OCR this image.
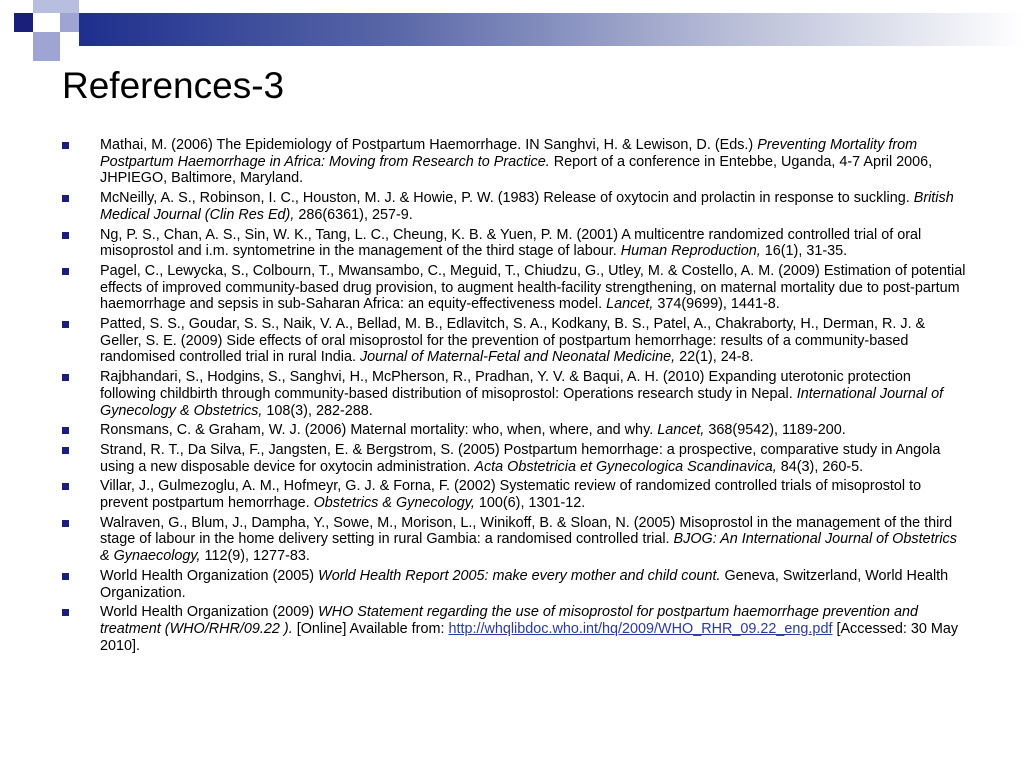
References-3
Mathai, M. (2006) The Epidemiology of Postpartum Haemorrhage. IN Sanghvi, H. & Lewison, D. (Eds.) Preventing Mortality from Postpartum Haemorrhage in Africa: Moving from Research to Practice. Report of a conference in Entebbe, Uganda, 4-7 April 2006, JHPIEGO, Baltimore, Maryland.
McNeilly, A. S., Robinson, I. C., Houston, M. J. & Howie, P. W. (1983) Release of oxytocin and prolactin in response to suckling. British Medical Journal (Clin Res Ed), 286(6361), 257-9.
Ng, P. S., Chan, A. S., Sin, W. K., Tang, L. C., Cheung, K. B. & Yuen, P. M. (2001) A multicentre randomized controlled trial of oral misoprostol and i.m. syntometrine in the management of the third stage of labour. Human Reproduction, 16(1), 31-35.
Pagel, C., Lewycka, S., Colbourn, T., Mwansambo, C., Meguid, T., Chiudzu, G., Utley, M. & Costello, A. M. (2009) Estimation of potential effects of improved community-based drug provision, to augment health-facility strengthening, on maternal mortality due to post-partum haemorrhage and sepsis in sub-Saharan Africa: an equity-effectiveness model. Lancet, 374(9699), 1441-8.
Patted, S. S., Goudar, S. S., Naik, V. A., Bellad, M. B., Edlavitch, S. A., Kodkany, B. S., Patel, A., Chakraborty, H., Derman, R. J. & Geller, S. E. (2009) Side effects of oral misoprostol for the prevention of postpartum hemorrhage: results of a community-based randomised controlled trial in rural India. Journal of Maternal-Fetal and Neonatal Medicine, 22(1), 24-8.
Rajbhandari, S., Hodgins, S., Sanghvi, H., McPherson, R., Pradhan, Y. V. & Baqui, A. H. (2010) Expanding uterotonic protection following childbirth through community-based distribution of misoprostol: Operations research study in Nepal. International Journal of Gynecology & Obstetrics, 108(3), 282-288.
Ronsmans, C. & Graham, W. J. (2006) Maternal mortality: who, when, where, and why. Lancet, 368(9542), 1189-200.
Strand, R. T., Da Silva, F., Jangsten, E. & Bergstrom, S. (2005) Postpartum hemorrhage: a prospective, comparative study in Angola using a new disposable device for oxytocin administration. Acta Obstetricia et Gynecologica Scandinavica, 84(3), 260-5.
Villar, J., Gulmezoglu, A. M., Hofmeyr, G. J. & Forna, F. (2002) Systematic review of randomized controlled trials of misoprostol to prevent postpartum hemorrhage. Obstetrics & Gynecology, 100(6), 1301-12.
Walraven, G., Blum, J., Dampha, Y., Sowe, M., Morison, L., Winikoff, B. & Sloan, N. (2005) Misoprostol in the management of the third stage of labour in the home delivery setting in rural Gambia: a randomised controlled trial. BJOG: An International Journal of Obstetrics & Gynaecology, 112(9), 1277-83.
World Health Organization (2005) World Health Report 2005: make every mother and child count. Geneva, Switzerland, World Health Organization.
World Health Organization (2009) WHO Statement regarding the use of misoprostol for postpartum haemorrhage prevention and treatment (WHO/RHR/09.22 ). [Online] Available from: http://whqlibdoc.who.int/hq/2009/WHO_RHR_09.22_eng.pdf [Accessed: 30 May 2010].
